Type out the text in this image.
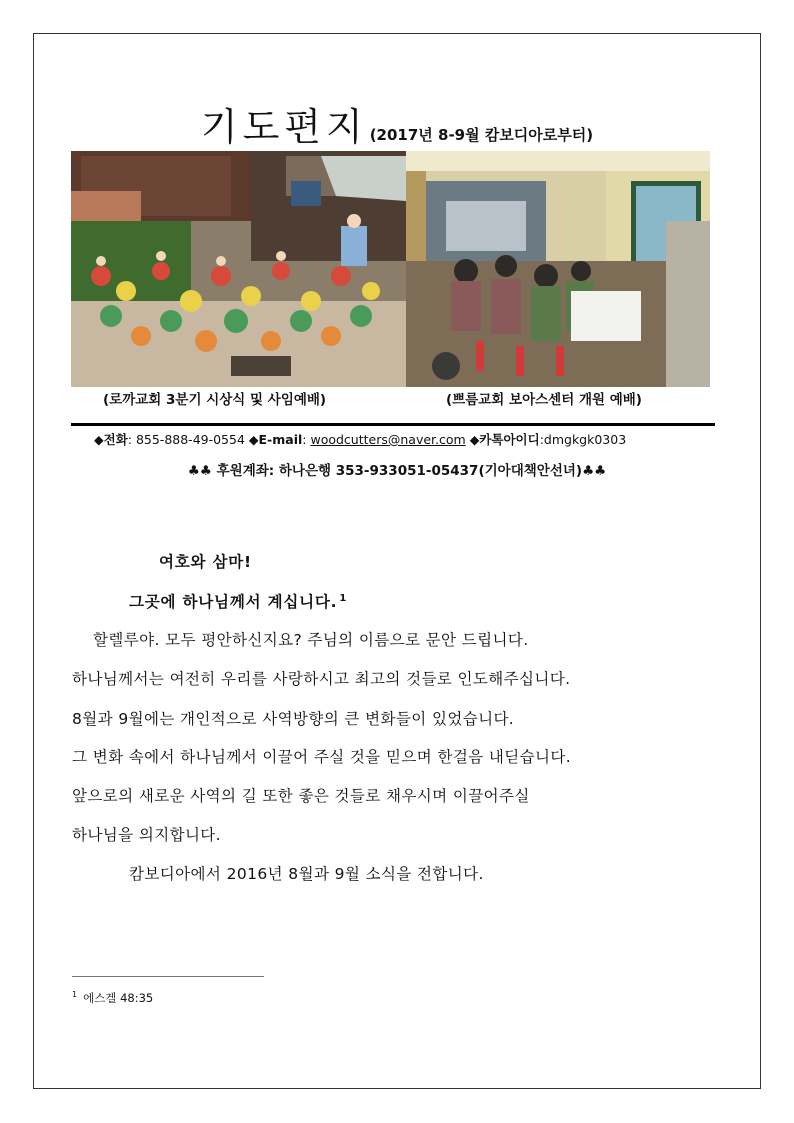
기도편지 (2017년 8-9월 캄보디아로부터)
(로까교회 3분기 시상식 및 사임예배)	(쁘름교회 보아스센터 개원 예배)
◆전화: 855-888-49-0554 ◆E-mail: woodcutters@naver.com ◆카톡아이디:dmgkgk0303
♣♣ 후원계좌: 하나은행 353-933051-05437(기아대책안선녀)♣♣
여호와 삼마!
그곳에 하나님께서 계십니다. $^1$
할렐루야. 모두 평안하신지요? 주님의 이름으로 문안 드립니다.
하나님께서는 여전히 우리를 사랑하시고 최고의 것들로 인도해주십니다.
8월과 9월에는 개인적으로 사역방향의 큰 변화들이 있었습니다.
그 변화 속에서 하나님께서 이끌어 주실 것을 믿으며 한걸음 내딛습니다.
앞으로의 새로운 사역의 길 또한 좋은 것들로 채우시며 이끌어주실
하나님을 의지합니다.
캄보디아에서 2016년 8월과 9월 소식을 전합니다.
$^1$ 에스겔 48:35
